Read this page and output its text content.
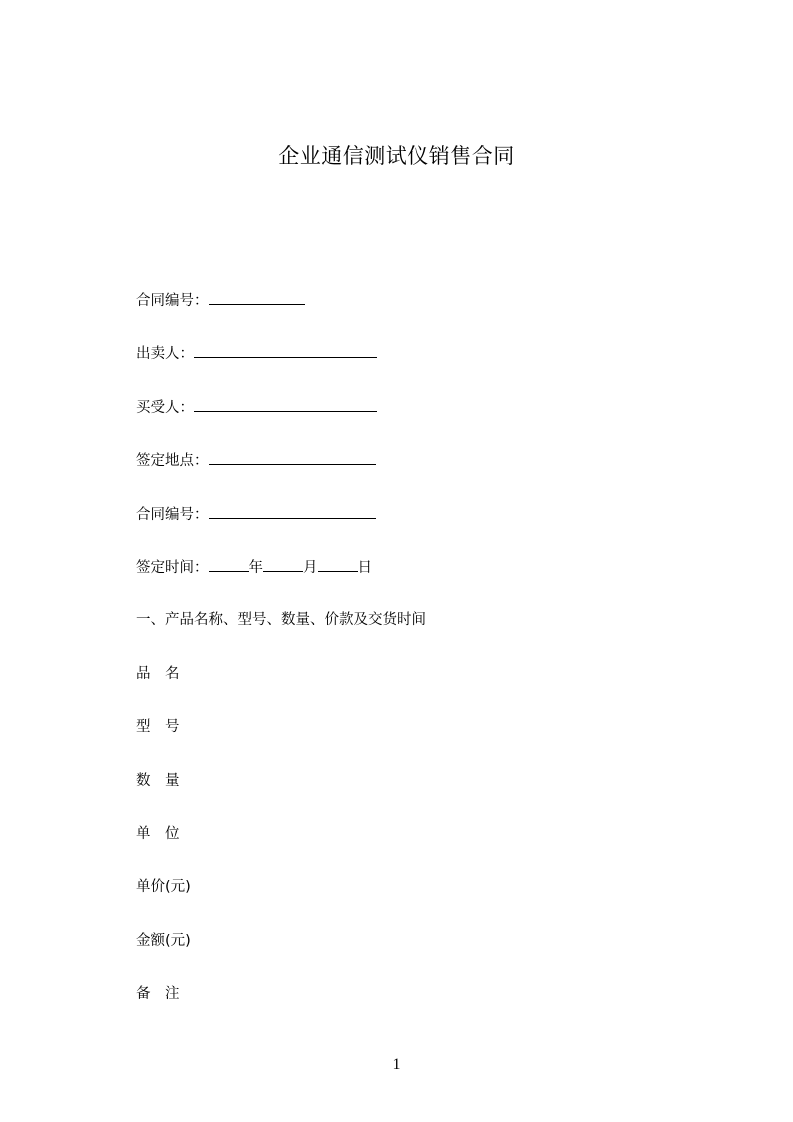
企业通信测试仪销售合同
合同编号：
出卖人：
买受人：
签定地点：
合同编号：
签定时间：	年	月	日
一、产品名称、型号、数量、价款及交货时间
品　名
型　号
数　量
单　位
单价(元)
金额(元)
备　注
1
